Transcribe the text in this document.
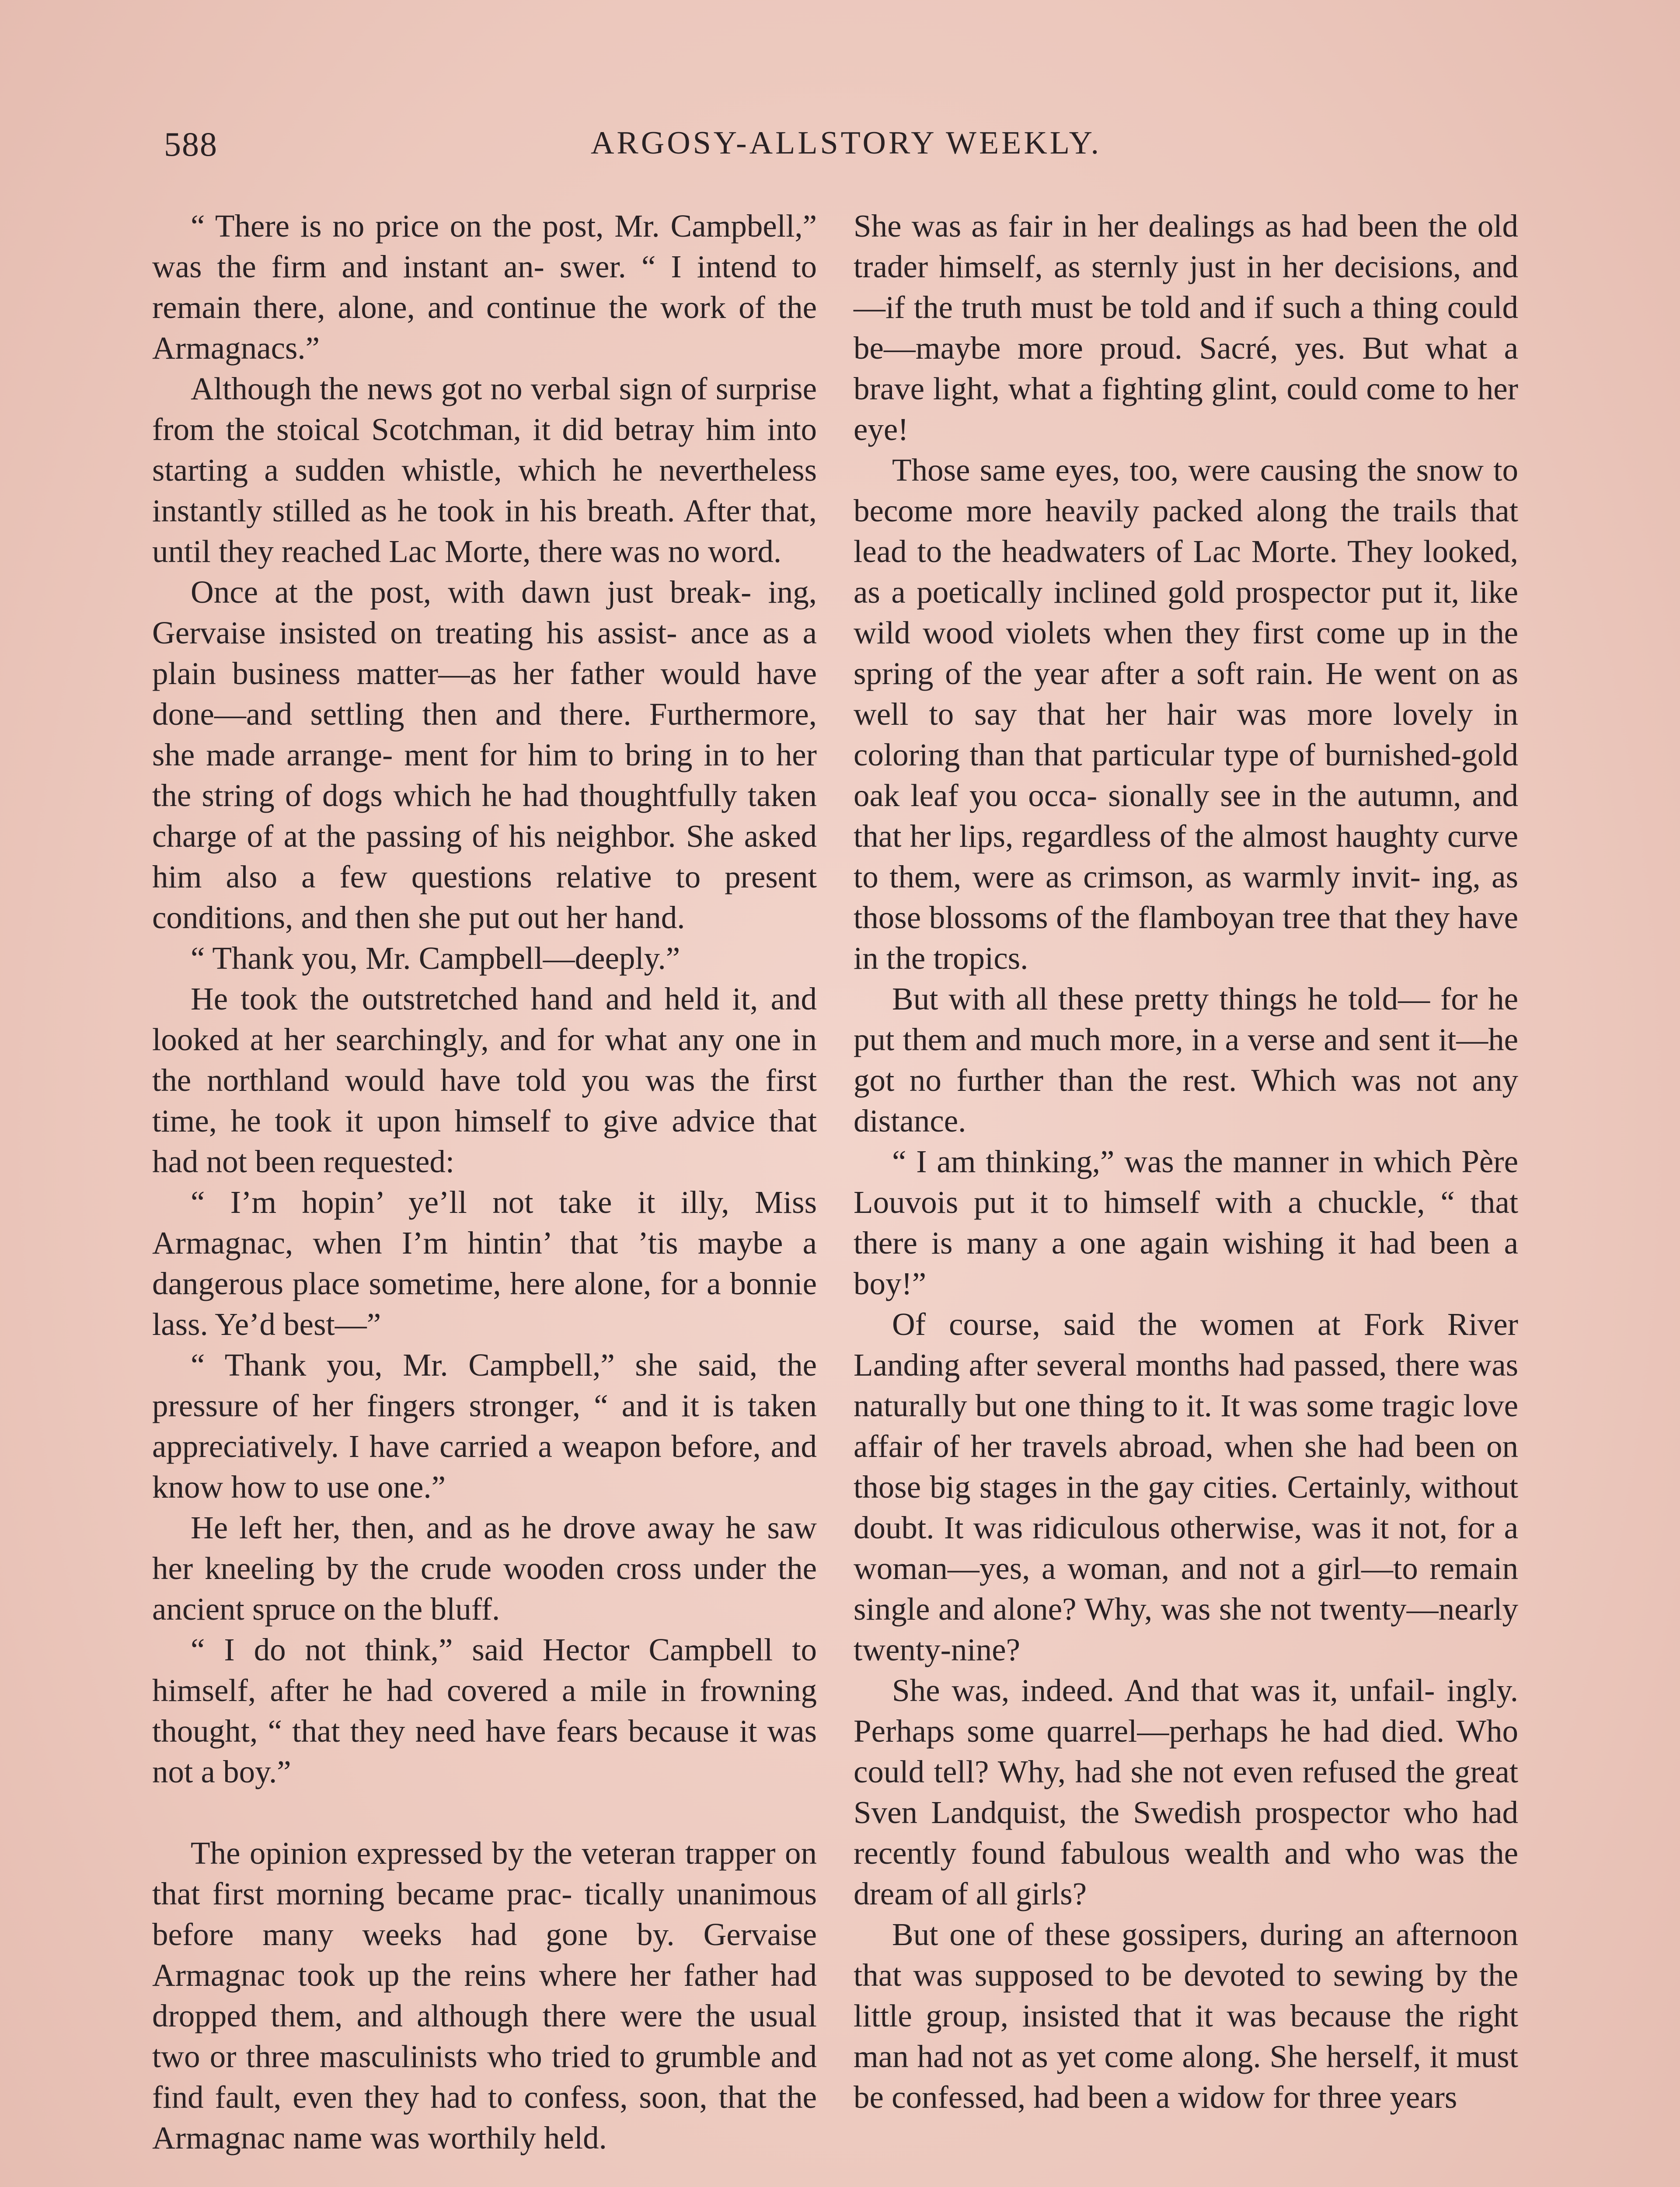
588	ARGOSY-ALLSTORY WEEKLY.

“ There is no price on the post, Mr. Campbell,” was the firm and instant an- swer. “ I intend to remain there, alone, and continue the work of the Armagnacs.”

Although the news got no verbal sign of surprise from the stoical Scotchman, it did betray him into starting a sudden whistle, which he nevertheless instantly stilled as he took in his breath. After that, until they reached Lac Morte, there was no word.

Once at the post, with dawn just break- ing, Gervaise insisted on treating his assist- ance as a plain business matter—as her father would have done—and settling then and there. Furthermore, she made arrange- ment for him to bring in to her the string of dogs which he had thoughtfully taken charge of at the passing of his neighbor. She asked him also a few questions relative to present conditions, and then she put out her hand.

“ Thank you, Mr. Campbell—deeply.”

He took the outstretched hand and held it, and looked at her searchingly, and for what any one in the northland would have told you was the first time, he took it upon himself to give advice that had not been requested:

“ I’m hopin’ ye’ll not take it illy, Miss Armagnac, when I’m hintin’ that ’tis maybe a dangerous place sometime, here alone, for a bonnie lass. Ye’d best—”

“ Thank you, Mr. Campbell,” she said, the pressure of her fingers stronger, “ and it is taken appreciatively. I have carried a weapon before, and know how to use one.”

He left her, then, and as he drove away he saw her kneeling by the crude wooden cross under the ancient spruce on the bluff.

“ I do not think,” said Hector Campbell to himself, after he had covered a mile in frowning thought, “ that they need have fears because it was not a boy.”

The opinion expressed by the veteran trapper on that first morning became prac- tically unanimous before many weeks had gone by. Gervaise Armagnac took up the reins where her father had dropped them, and although there were the usual two or three masculinists who tried to grumble and find fault, even they had to confess, soon, that the Armagnac name was worthily held.

She was as fair in her dealings as had been the old trader himself, as sternly just in her decisions, and—if the truth must be told and if such a thing could be—maybe more proud. Sacré, yes. But what a brave light, what a fighting glint, could come to her eye!

Those same eyes, too, were causing the snow to become more heavily packed along the trails that lead to the headwaters of Lac Morte. They looked, as a poetically inclined gold prospector put it, like wild wood violets when they first come up in the spring of the year after a soft rain. He went on as well to say that her hair was more lovely in coloring than that particular type of burnished-gold oak leaf you occa- sionally see in the autumn, and that her lips, regardless of the almost haughty curve to them, were as crimson, as warmly invit- ing, as those blossoms of the flamboyan tree that they have in the tropics.

But with all these pretty things he told— for he put them and much more, in a verse and sent it—he got no further than the rest. Which was not any distance.

“ I am thinking,” was the manner in which Père Louvois put it to himself with a chuckle, “ that there is many a one again wishing it had been a boy!”

Of course, said the women at Fork River Landing after several months had passed, there was naturally but one thing to it. It was some tragic love affair of her travels abroad, when she had been on those big stages in the gay cities. Certainly, without doubt. It was ridiculous otherwise, was it not, for a woman—yes, a woman, and not a girl—to remain single and alone? Why, was she not twenty—nearly twenty-nine?

She was, indeed. And that was it, unfail- ingly. Perhaps some quarrel—perhaps he had died. Who could tell? Why, had she not even refused the great Sven Landquist, the Swedish prospector who had recently found fabulous wealth and who was the dream of all girls?

But one of these gossipers, during an afternoon that was supposed to be devoted to sewing by the little group, insisted that it was because the right man had not as yet come along. She herself, it must be confessed, had been a widow for three years
